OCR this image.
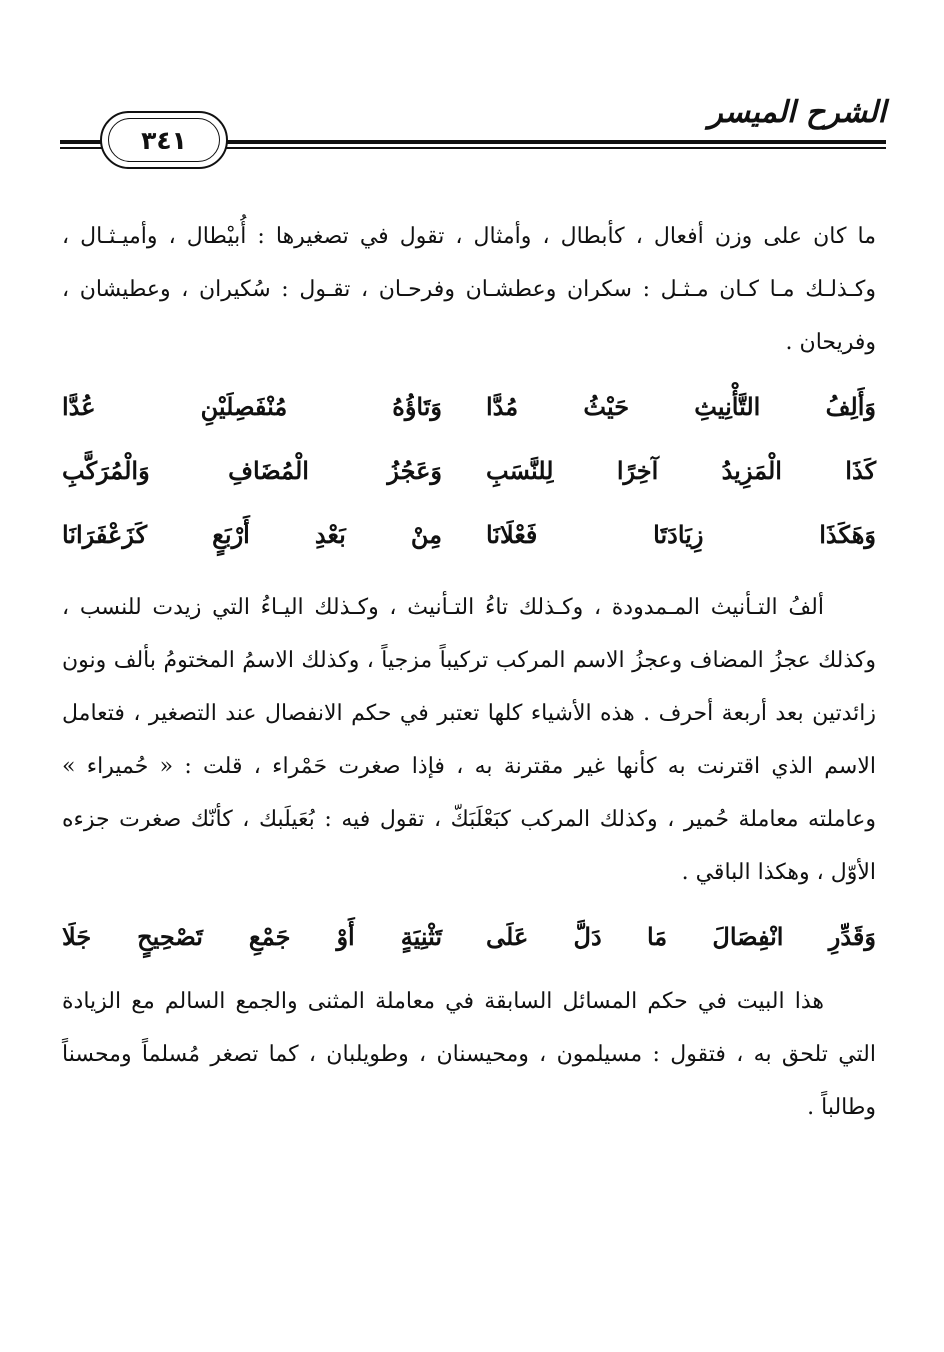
الشرح الميسر
٣٤١

ما كان على وزن أفعال ، كأبطال ، وأمثال ، تقول في تصغيرها : أُبيْطال ، وأميـثـال ، وكـذلـك مـا كـان مـثـل : سكران وعطشـان وفرحـان ، تقـول : سُكيران ، وعطيشان ، وفريحان .

وَأَلِفُ التَّأْنِيثِ حَيْثُ مُدَّا
وَتَاؤُهُ مُنْفَصِلَيْنِ عُدَّا
كَذَا الْمَزِيدُ آخِرًا لِلنَّسَبِ
وَعَجُزُ الْمُضَافِ وَالْمُرَكَّبِ
وَهَكَذَا زِيَادَتَا فَعْلَانَا
مِنْ بَعْدِ أَرْبَعٍ كَزَعْفَرَانَا

ألفُ التـأنيث المـمدودة ، وكـذلك تاءُ التـأنيث ، وكـذلك اليـاءُ التي زيدت للنسب ، وكذلك عجزُ المضاف وعجزُ الاسم المركب تركيباً مزجياً ، وكذلك الاسمُ المختومُ بألف ونون زائدتين بعد أربعة أحرف . هذه الأشياء كلها تعتبر في حكم الانفصال عند التصغير ، فتعامل الاسم الذي اقترنت به كأنها غير مقترنة به ، فإذا صغرت حَمْراء ، قلت : « حُميراء » وعاملته معاملة حُمير ، وكذلك المركب كبَعْلَبَكّ ، تقول فيه : بُعَيلَبك ، كأنّك صغرت جزءه الأوّل ، وهكذا الباقي .

وَقَدِّرِ انْفِصَالَ مَا دَلَّ عَلَى
تَثْنِيَةٍ أَوْ جَمْعِ تَصْحِيحٍ جَلَا

هذا البيت في حكم المسائل السابقة في معاملة المثنى والجمع السالم مع الزيادة التي تلحق به ، فتقول : مسيلمون ، ومحيسنان ، وطويلبان ، كما تصغر مُسلماً ومحسناً وطالباً .
